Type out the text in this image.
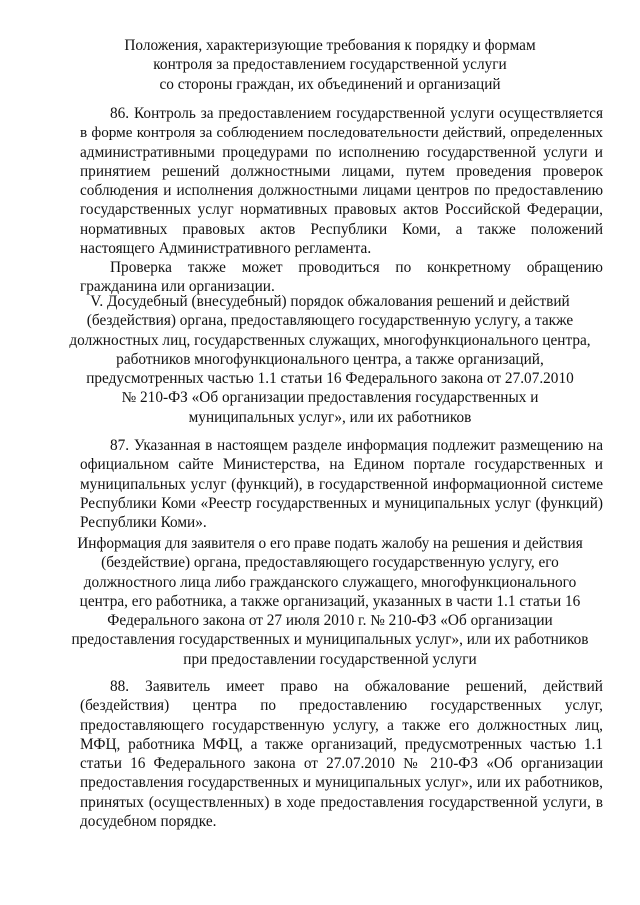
Положения, характеризующие требования к порядку и формам
контроля за предоставлением государственной услуги
со стороны граждан, их объединений и организаций
86. Контроль за предоставлением государственной услуги осуществляется
в форме контроля за соблюдением последовательности действий, определенных
административными процедурами по исполнению государственной услуги и
принятием решений должностными лицами, путем проведения проверок
соблюдения и исполнения должностными лицами центров по предоставлению
государственных услуг нормативных правовых актов Российской Федерации,
нормативных правовых актов Республики Коми, а также положений
настоящего Административного регламента.
Проверка также может проводиться по конкретному обращению
гражданина или организации.
V. Досудебный (внесудебный) порядок обжалования решений и действий
(бездействия) органа, предоставляющего государственную услугу, а также
должностных лиц, государственных служащих, многофункционального центра,
работников многофункционального центра, а также организаций,
предусмотренных частью 1.1 статьи 16 Федерального закона от 27.07.2010
№ 210-ФЗ «Об организации предоставления государственных и
муниципальных услуг», или их работников
87. Указанная в настоящем разделе информация подлежит размещению на
официальном сайте Министерства, на Едином портале государственных и
муниципальных услуг (функций), в государственной информационной системе
Республики Коми «Реестр государственных и муниципальных услуг (функций)
Республики Коми».
Информация для заявителя о его праве подать жалобу на решения и действия
(бездействие) органа, предоставляющего государственную услугу, его
должностного лица либо гражданского служащего, многофункционального
центра, его работника, а также организаций, указанных в части 1.1 статьи 16
Федерального закона от 27 июля 2010 г. № 210-ФЗ «Об организации
предоставления государственных и муниципальных услуг», или их работников
при предоставлении государственной услуги
88. Заявитель имеет право на обжалование решений, действий
(бездействия) центра по предоставлению государственных услуг,
предоставляющего государственную услугу, а также его должностных лиц,
МФЦ, работника МФЦ, а также организаций, предусмотренных частью 1.1
статьи 16 Федерального закона от 27.07.2010 № 210-ФЗ «Об организации
предоставления государственных и муниципальных услуг», или их работников,
принятых (осуществленных) в ходе предоставления государственной услуги, в
досудебном порядке.
